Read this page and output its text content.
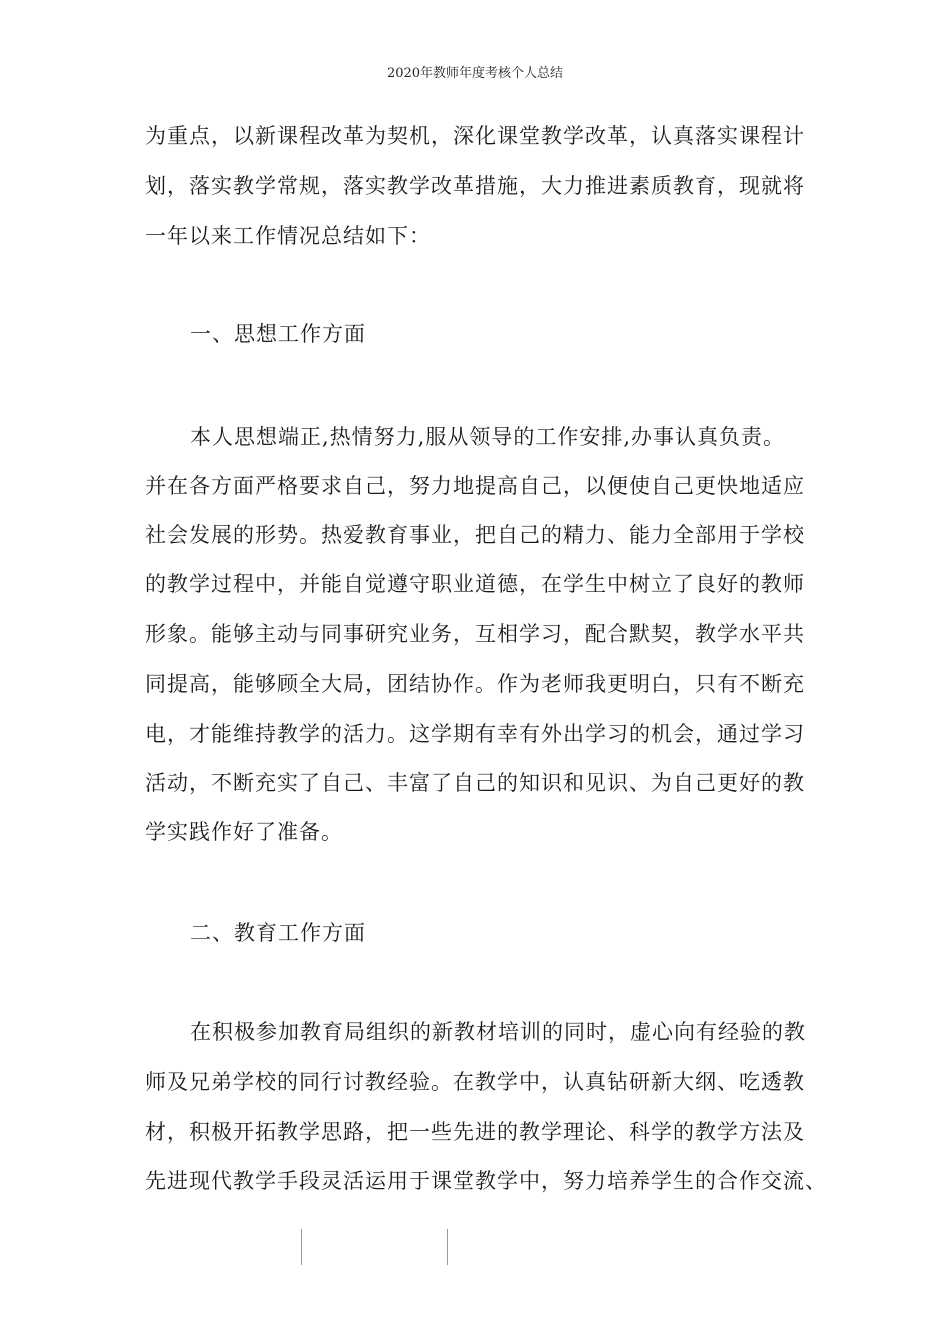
2020年教师年度考核个人总结
为重点，以新课程改革为契机，深化课堂教学改革，认真落实课程计
划，落实教学常规，落实教学改革措施，大力推进素质教育，现就将
一年以来工作情况总结如下：
一、思想工作方面
本人思想端正,热情努力,服从领导的工作安排,办事认真负责。
并在各方面严格要求自己，努力地提高自己，以便使自己更快地适应
社会发展的形势。热爱教育事业，把自己的精力、能力全部用于学校
的教学过程中，并能自觉遵守职业道德，在学生中树立了良好的教师
形象。能够主动与同事研究业务，互相学习，配合默契，教学水平共
同提高，能够顾全大局，团结协作。作为老师我更明白，只有不断充
电，才能维持教学的活力。这学期有幸有外出学习的机会，通过学习
活动，不断充实了自己、丰富了自己的知识和见识、为自己更好的教
学实践作好了准备。
二、教育工作方面
在积极参加教育局组织的新教材培训的同时，虚心向有经验的教
师及兄弟学校的同行讨教经验。在教学中，认真钻研新大纲、吃透教
材，积极开拓教学思路，把一些先进的教学理论、科学的教学方法及
先进现代教学手段灵活运用于课堂教学中，努力培养学生的合作交流、
